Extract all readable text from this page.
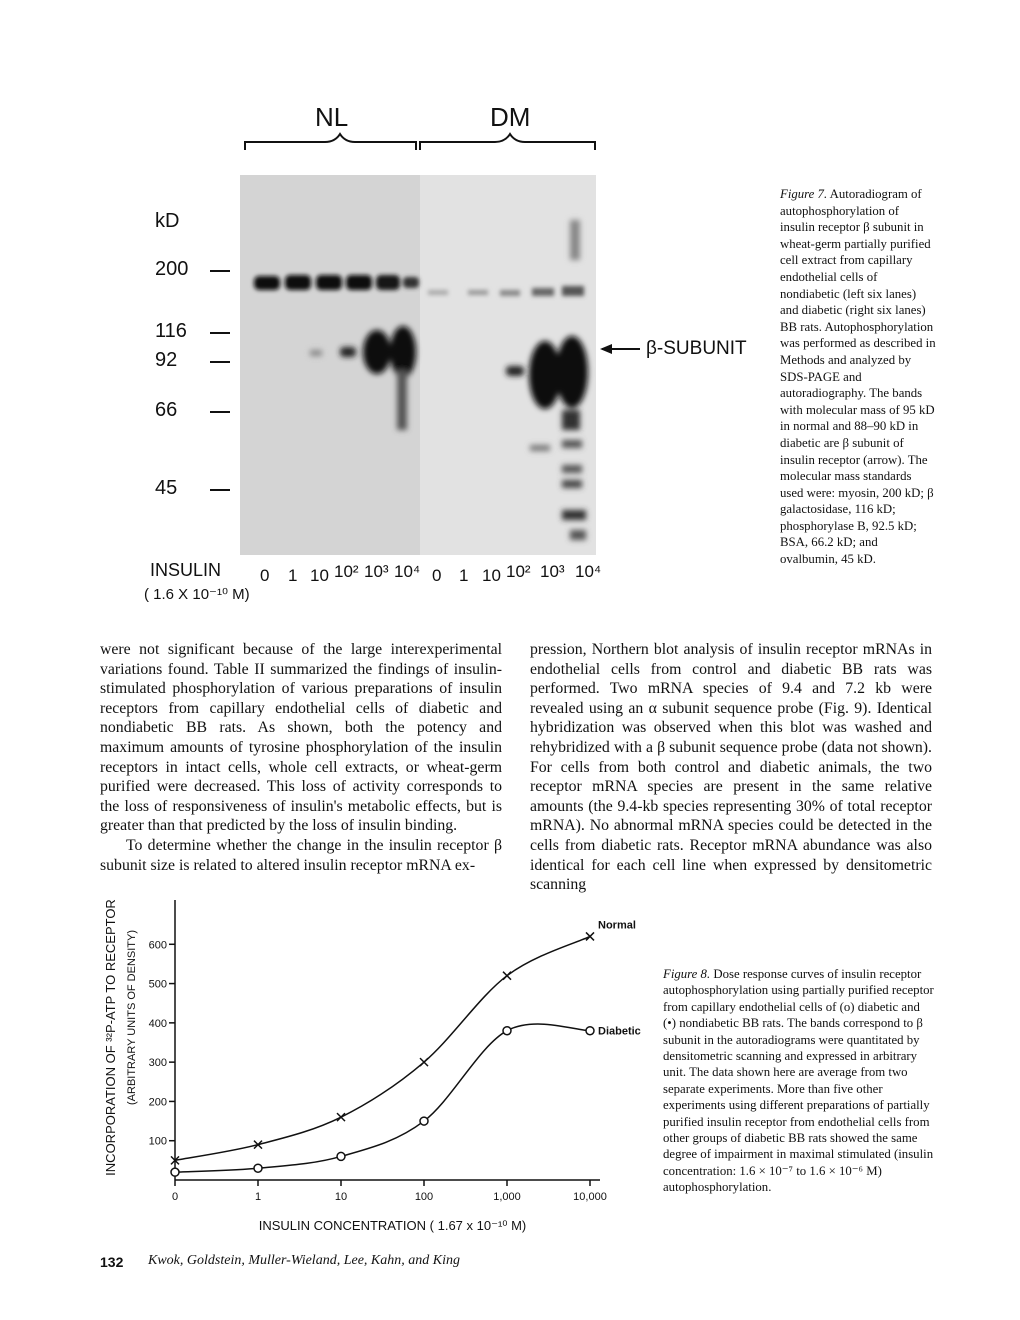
NL	DM
kD
200
116
92
66
45
β-SUBUNIT
INSULIN
( 1.6 X 10⁻¹⁰ M)
0 1 10 10² 10³ 10⁴ 0 1 10 10² 10³ 10⁴
Figure 7. Autoradiogram of autophosphorylation of insulin receptor β subunit in wheat-germ partially purified cell extract from capillary endothelial cells of nondiabetic (left six lanes) and diabetic (right six lanes) BB rats. Autophosphorylation was performed as described in Methods and analyzed by SDS-PAGE and autoradiography. The bands with molecular mass of 95 kD in normal and 88–90 kD in diabetic are β subunit of insulin receptor (arrow). The molecular mass standards used were: myosin, 200 kD; β galactosidase, 116 kD; phosphorylase B, 92.5 kD; BSA, 66.2 kD; and ovalbumin, 45 kD.

were not significant because of the large interexperimental variations found. Table II summarized the findings of insulin-stimulated phosphorylation of various preparations of insulin receptors from capillary endothelial cells of diabetic and nondiabetic BB rats. As shown, both the potency and maximum amounts of tyrosine phosphorylation of the insulin receptors in intact cells, whole cell extracts, or wheat-germ purified were decreased. This loss of activity corresponds to the loss of responsiveness of insulin's metabolic effects, but is greater than that predicted by the loss of insulin binding.

To determine whether the change in the insulin receptor β subunit size is related to altered insulin receptor mRNA ex-

pression, Northern blot analysis of insulin receptor mRNAs in endothelial cells from control and diabetic BB rats was performed. Two mRNA species of 9.4 and 7.2 kb were revealed using an α subunit sequence probe (Fig. 9). Identical hybridization was observed when this blot was washed and rehybridized with a β subunit sequence probe (data not shown). For cells from both control and diabetic animals, the two receptor mRNA species are present in the same relative amounts (the 9.4-kb species representing 30% of total receptor mRNA). No abnormal mRNA species could be detected in the cells from diabetic rats. Receptor mRNA abundance was also identical for each cell line when expressed by densitometric scanning

100
200
300
400
500
600
0	1	10	100	1,000	10,000
INSULIN CONCENTRATION ( 1.67 x 10⁻¹⁰ M)
INCORPORATION OF ³²P-ATP TO RECEPTOR (ARBITRARY UNITS OF DENSITY)
Normal
Diabetic
Figure 8. Dose response curves of insulin receptor autophosphorylation using partially purified receptor from capillary endothelial cells of (o) diabetic and (•) nondiabetic BB rats. The bands correspond to β subunit in the autoradiograms were quantitated by densitometric scanning and expressed in arbitrary unit. The data shown here are average from two separate experiments. More than five other experiments using different preparations of partially purified insulin receptor from endothelial cells from other groups of diabetic BB rats showed the same degree of impairment in maximal stimulated (insulin concentration: 1.6 × 10⁻⁷ to 1.6 × 10⁻⁶ M) autophosphorylation.
132 Kwok, Goldstein, Muller-Wieland, Lee, Kahn, and King
